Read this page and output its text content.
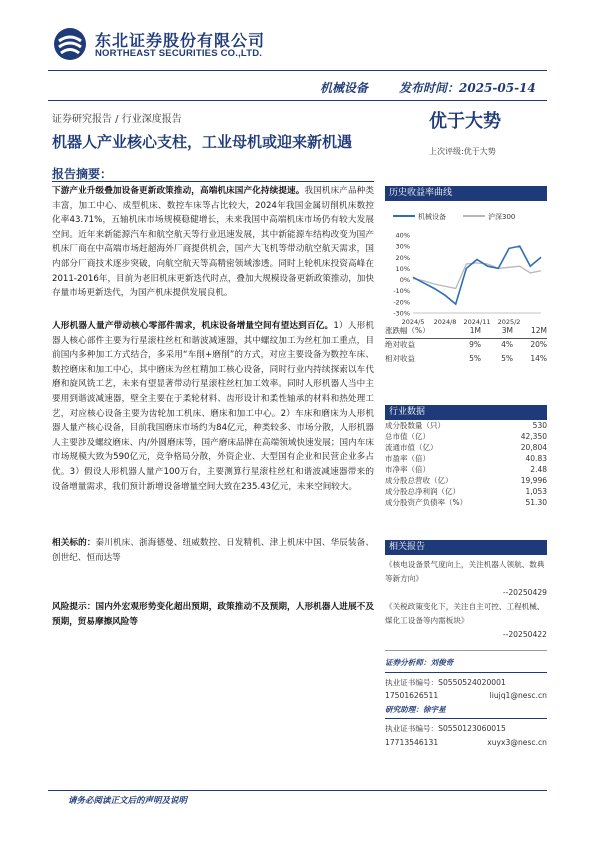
东北证券股份有限公司
NORTHEAST SECURITIES CO.,LTD.
机械设备	发布时间：2025-05-14
证券研究报告 / 行业深度报告
机器人产业核心支柱，工业母机或迎来新机遇
优于大势
上次评级:优于大势
报告摘要：
下游产业升级叠加设备更新政策推动，高端机床国产化持续提速。我国机床产品种类丰富，加工中心、成型机床、数控车床等占比较大，2024年我国金属切削机床数控化率43.71%，五轴机床市场规模稳健增长，未来我国中高端机床市场仍有较大发展空间。近年来新能源汽车和航空航天等行业迅速发展，其中新能源车结构改变为国产机床厂商在中高端市场赶超海外厂商提供机会，国产大飞机等带动航空航天需求，国内部分厂商技术逐步突破，向航空航天等高精密领域渗透。同时上轮机床投资高峰在2011-2016年，目前为老旧机床更新迭代时点，叠加大规模设备更新政策推动，加快存量市场更新迭代，为国产机床提供发展良机。
人形机器人量产带动核心零部件需求，机床设备增量空间有望达到百亿。1）人形机器人核心部件主要为行星滚柱丝杠和谐波减速器，其中螺纹加工为丝杠加工重点，目前国内多种加工方式结合，多采用“车削+磨削”的方式，对应主要设备为数控车床、数控磨床和加工中心，其中磨床为丝杠精加工核心设备，同时行业内持续探索以车代磨和旋风铣工艺，未来有望显著带动行星滚柱丝杠加工效率。同时人形机器人当中主要用到谐波减速器，壁全主要在于柔轮材料、齿形设计和柔性轴承的材料和热处理工艺，对应核心设备主要为齿轮加工机床、磨床和加工中心。2）车床和磨床为人形机器人量产核心设备，目前我国磨床市场约为84亿元，种类较多、市场分散，人形机器人主要涉及螺纹磨床、内/外圆磨床等，国产磨床品牌在高端领域快速发展；国内车床市场规模大致为590亿元，竞争格局分散，外资企业、大型国有企业和民营企业多占优。3）假设人形机器人量产100万台，主要测算行星滚柱丝杠和谐波减速器带来的设备增量需求，我们预计新增设备增量空间大致在235.43亿元，未来空间较大。
相关标的：秦川机床、浙海德曼、纽威数控、日发精机、津上机床中国、华辰装备、创世纪、恒而达等
风险提示：国内外宏观形势变化超出预期，政策推动不及预期，人形机器人进展不及预期，贸易摩擦风险等
历史收益率曲线
机械设备	沪深300
40%
30%
20%
10%
0%
-10%
-20%
-30%
2024/5 2024/8 2024/11 2025/2
涨跌幅（%）	1M	3M	12M
绝对收益	9%	4%	20%
相对收益	5%	5%	14%
行业数据
成分股数量（只）	530
总市值（亿）	42,350
流通市值（亿）	20,804
市盈率（倍）	40.83
市净率（倍）	2.48
成分股总营收（亿）	19,996
成分股总净利润（亿）	1,053
成分股资产负债率（%）	51.30
相关报告
《核电设备景气度向上，关注机器人领航、数典等新方向》
--20250429
《关税政策变化下，关注自主可控、工程机械、煤化工设备等内需板块》
--20250422
证券分析师：刘俊奇
执业证书编号：S0550524020001
17501626511	liujq1@nesc.cn
研究助理：徐宇星
执业证书编号：S0550123060015
17713546131	xuyx3@nesc.cn
请务必阅读正文后的声明及说明
